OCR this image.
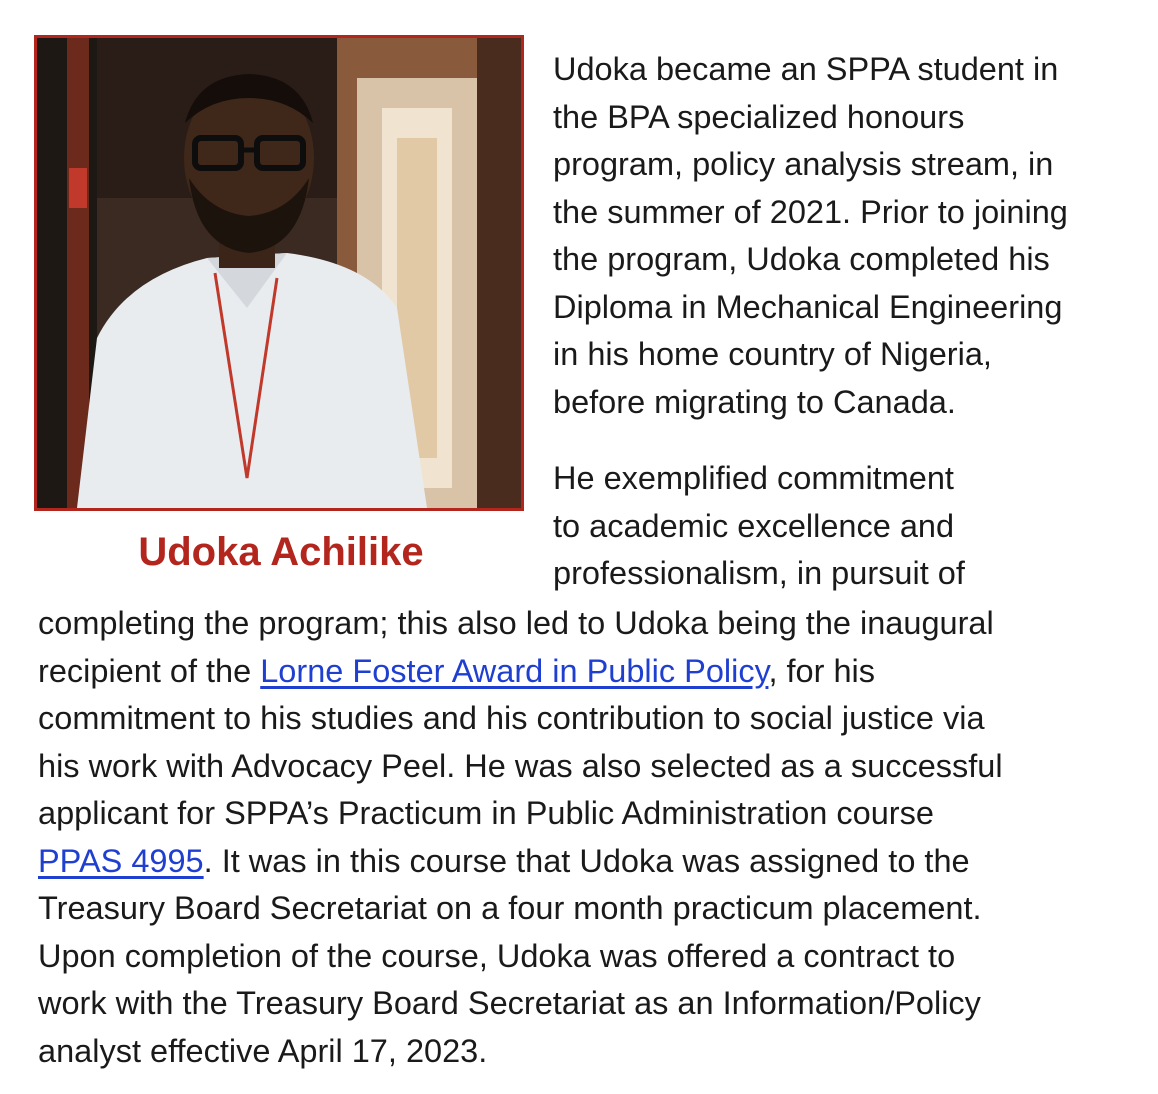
Udoka Achilike
Udoka became an SPPA student in
the BPA specialized honours
program, policy analysis stream, in
the summer of 2021. Prior to joining
the program, Udoka completed his
Diploma in Mechanical Engineering
in his home country of Nigeria,
before migrating to Canada.
He exemplified commitment
to academic excellence and
professionalism, in pursuit of
completing the program; this also led to Udoka being the inaugural
recipient of the Lorne Foster Award in Public Policy, for his
commitment to his studies and his contribution to social justice via
his work with Advocacy Peel. He was also selected as a successful
applicant for SPPA’s Practicum in Public Administration course
PPAS 4995. It was in this course that Udoka was assigned to the
Treasury Board Secretariat on a four month practicum placement.
Upon completion of the course, Udoka was offered a contract to
work with the Treasury Board Secretariat as an Information/Policy
analyst effective April 17, 2023.
